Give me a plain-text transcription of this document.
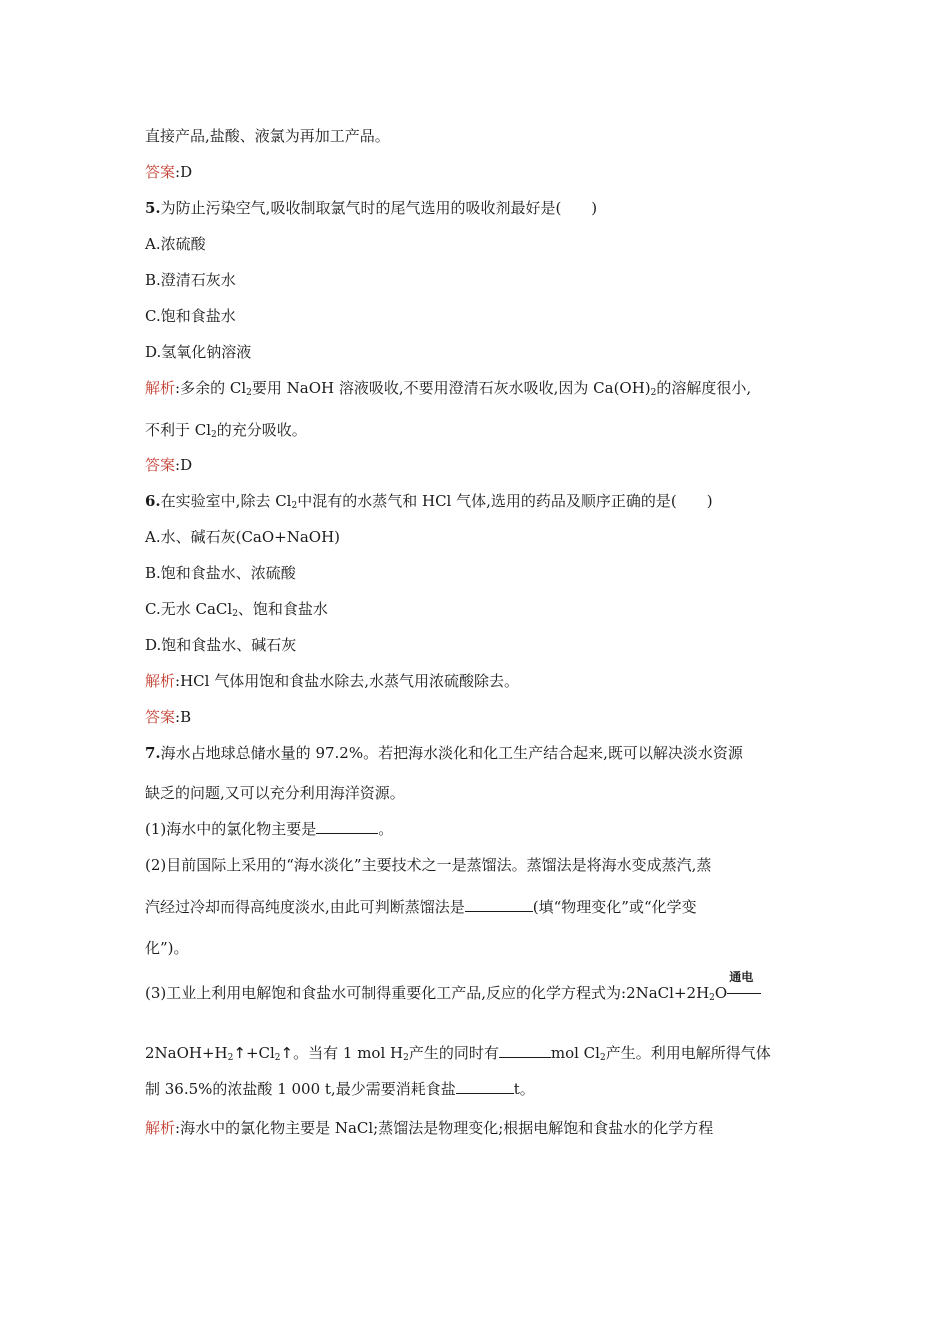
直接产品,盐酸、液氯为再加工产品。
答案:D
5.为防止污染空气,吸收制取氯气时的尾气选用的吸收剂最好是(　　)
A.浓硫酸
B.澄清石灰水
C.饱和食盐水
D.氢氧化钠溶液
解析:多余的 $Cl_2$要用 NaOH 溶液吸收,不要用澄清石灰水吸收,因为 $Ca(OH)_2$的溶解度很小,
不利于 $Cl_2$的充分吸收。
答案:D
6.在实验室中,除去 $Cl_2$中混有的水蒸气和 HCl 气体,选用的药品及顺序正确的是(　　)
A.水、碱石灰(CaO+NaOH)
B.饱和食盐水、浓硫酸
C.无水 CaCl$_2$、饱和食盐水
D.饱和食盐水、碱石灰
解析:HCl 气体用饱和食盐水除去,水蒸气用浓硫酸除去。
答案:B
7.海水占地球总储水量的 97.2%。若把海水淡化和化工生产结合起来,既可以解决淡水资源
缺乏的问题,又可以充分利用海洋资源。
(1)海水中的氯化物主要是	。
(2)目前国际上采用的“海水淡化”主要技术之一是蒸馏法。蒸馏法是将海水变成蒸汽,蒸
汽经过冷却而得高纯度淡水,由此可判断蒸馏法是	(填“物理变化”或“化学变
化”)。
(3)工业上利用电解饱和食盐水可制得重要化工产品,反应的化学方程式为$:2NaCl+2H_2O$
通电
$2NaOH+H_2↑+Cl_2↑$。当有 1 mol $H_2$产生的同时有	mol $Cl_2$产生。利用电解所得气体
制 36.5%的浓盐酸 1 000 t,最少需要消耗食盐	t。
解析:海水中的氯化物主要是 NaCl;蒸馏法是物理变化;根据电解饱和食盐水的化学方程
